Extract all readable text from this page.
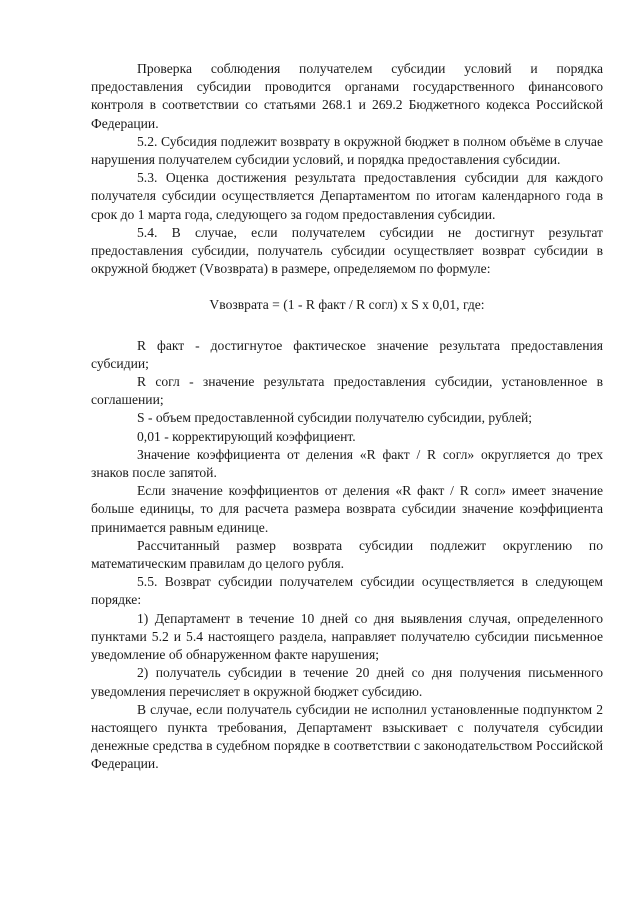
Проверка соблюдения получателем субсидии условий и порядка предоставления субсидии проводится органами государственного финансового контроля в соответствии со статьями 268.1 и 269.2 Бюджетного кодекса Российской Федерации.

5.2. Субсидия подлежит возврату в окружной бюджет в полном объёме в случае нарушения получателем субсидии условий, и порядка предоставления субсидии.

5.3. Оценка достижения результата предоставления субсидии для каждого получателя субсидии осуществляется Департаментом по итогам календарного года в срок до 1 марта года, следующего за годом предоставления субсидии.

5.4. В случае, если получателем субсидии не достигнут результат предоставления субсидии, получатель субсидии осуществляет возврат субсидии в окружной бюджет (Vвозврата) в размере, определяемом по формуле:

Vвозврата = (1 - R факт / R согл) x S x 0,01, где:

R факт - достигнутое фактическое значение результата предоставления субсидии;

R согл - значение результата предоставления субсидии, установленное в соглашении;

S - объем предоставленной субсидии получателю субсидии, рублей;

0,01 - корректирующий коэффициент.

Значение коэффициента от деления «R факт / R согл» округляется до трех знаков после запятой.

Если значение коэффициентов от деления «R факт / R согл» имеет значение больше единицы, то для расчета размера возврата субсидии значение коэффициента принимается равным единице.

Рассчитанный размер возврата субсидии подлежит округлению по математическим правилам до целого рубля.

5.5. Возврат субсидии получателем субсидии осуществляется в следующем порядке:

1) Департамент в течение 10 дней со дня выявления случая, определенного пунктами 5.2 и 5.4 настоящего раздела, направляет получателю субсидии письменное уведомление об обнаруженном факте нарушения;

2) получатель субсидии в течение 20 дней со дня получения письменного уведомления перечисляет в окружной бюджет субсидию.

В случае, если получатель субсидии не исполнил установленные подпунктом 2 настоящего пункта требования, Департамент взыскивает с получателя субсидии денежные средства в судебном порядке в соответствии с законодательством Российской Федерации.
